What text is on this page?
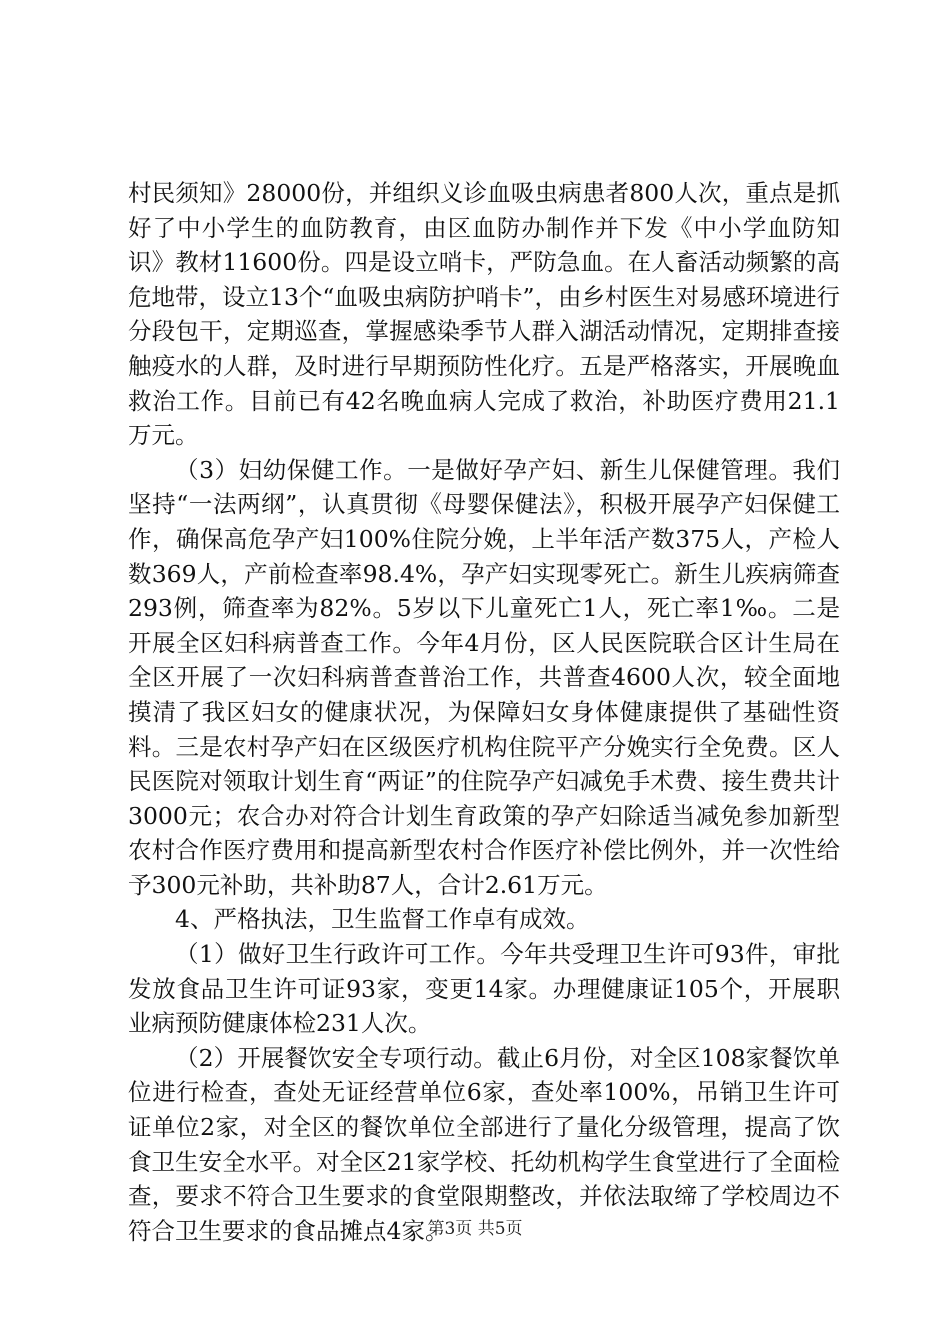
村民须知》28000份，并组织义诊血吸虫病患者800人次，重点是抓好了中小学生的血防教育，由区血防办制作并下发《中小学血防知识》教材11600份。四是设立哨卡，严防急血。在人畜活动频繁的高危地带，设立13个“血吸虫病防护哨卡”，由乡村医生对易感环境进行分段包干，定期巡查，掌握感染季节人群入湖活动情况，定期排查接触疫水的人群，及时进行早期预防性化疗。五是严格落实，开展晚血救治工作。目前已有42名晚血病人完成了救治，补助医疗费用21.1万元。

（3）妇幼保健工作。一是做好孕产妇、新生儿保健管理。我们坚持“一法两纲”，认真贯彻《母婴保健法》，积极开展孕产妇保健工作，确保高危孕产妇100%住院分娩，上半年活产数375人，产检人数369人，产前检查率98.4%，孕产妇实现零死亡。新生儿疾病筛查293例，筛查率为82%。5岁以下儿童死亡1人，死亡率1‰。二是开展全区妇科病普查工作。今年4月份，区人民医院联合区计生局在全区开展了一次妇科病普查普治工作，共普查4600人次，较全面地摸清了我区妇女的健康状况，为保障妇女身体健康提供了基础性资料。三是农村孕产妇在区级医疗机构住院平产分娩实行全免费。区人民医院对领取计划生育“两证”的住院孕产妇减免手术费、接生费共计3000元；农合办对符合计划生育政策的孕产妇除适当减免参加新型农村合作医疗费用和提高新型农村合作医疗补偿比例外，并一次性给予300元补助，共补助87人，合计2.61万元。

4、严格执法，卫生监督工作卓有成效。

（1）做好卫生行政许可工作。今年共受理卫生许可93件，审批发放食品卫生许可证93家，变更14家。办理健康证105个，开展职业病预防健康体检231人次。

（2）开展餐饮安全专项行动。截止6月份，对全区108家餐饮单位进行检查，查处无证经营单位6家，查处率100%，吊销卫生许可证单位2家，对全区的餐饮单位全部进行了量化分级管理，提高了饮食卫生安全水平。对全区21家学校、托幼机构学生食堂进行了全面检查，要求不符合卫生要求的食堂限期整改，并依法取缔了学校周边不符合卫生要求的食品摊点4家。

第3页 共5页
